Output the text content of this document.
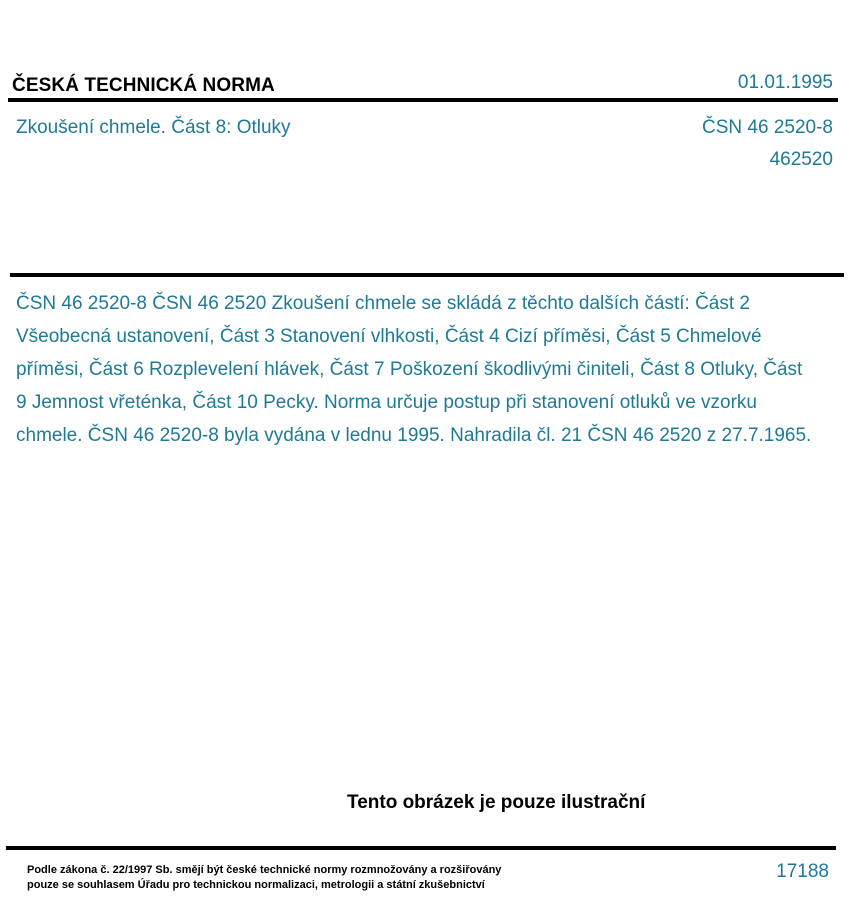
ČESKÁ TECHNICKÁ NORMA	01.01.1995
Zkoušení chmele. Část 8: Otluky	ČSN 46 2520-8
462520
ČSN 46 2520-8 ČSN 46 2520 Zkoušení chmele se skládá z těchto dalších částí: Část 2 Všeobecná ustanovení, Část 3 Stanovení vlhkosti, Část 4 Cizí příměsi, Část 5 Chmelové příměsi, Část 6 Rozplevelení hlávek, Část 7 Poškození škodlivými činiteli, Část 8 Otluky, Část 9 Jemnost vřeténka, Část 10 Pecky. Norma určuje postup při stanovení otluků ve vzorku chmele. ČSN 46 2520-8 byla vydána v lednu 1995. Nahradila čl. 21 ČSN 46 2520 z 27.7.1965.
Tento obrázek je pouze ilustrační
Podle zákona č. 22/1997 Sb. smějí být české technické normy rozmnožovány a rozšiřovány
pouze se souhlasem Úřadu pro technickou normalizaci, metrologii a státní zkušebnictví
17188
